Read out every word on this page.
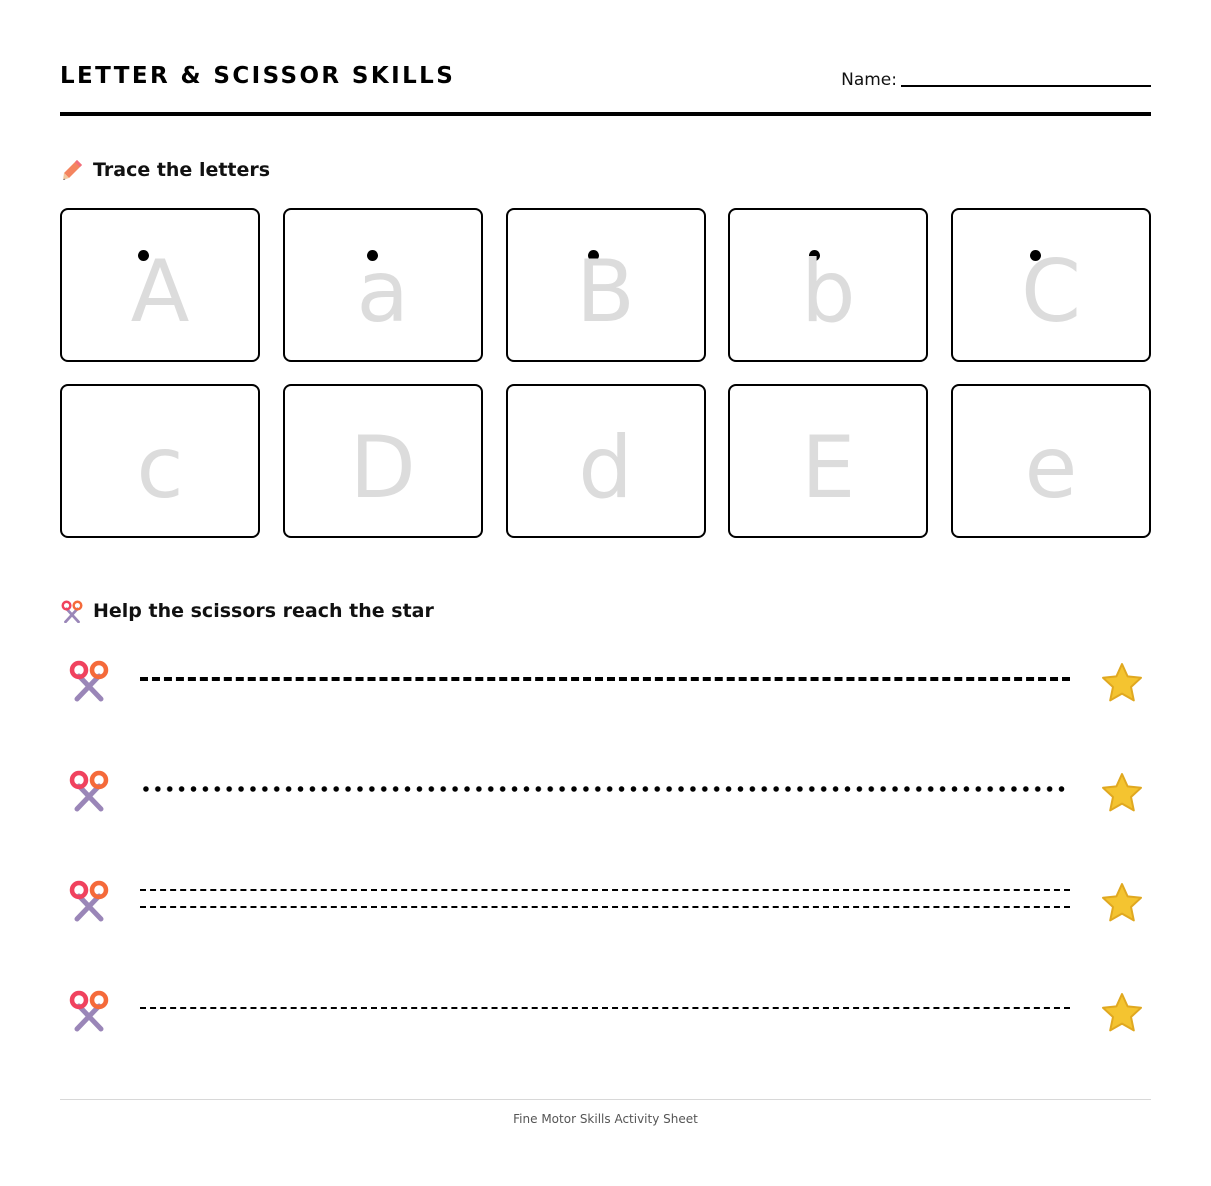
LETTER & SCISSOR SKILLS	Name:
Trace the letters
A	a	B	b	C
c	D	d	E	e
Help the scissors reach the star
Fine Motor Skills Activity Sheet
